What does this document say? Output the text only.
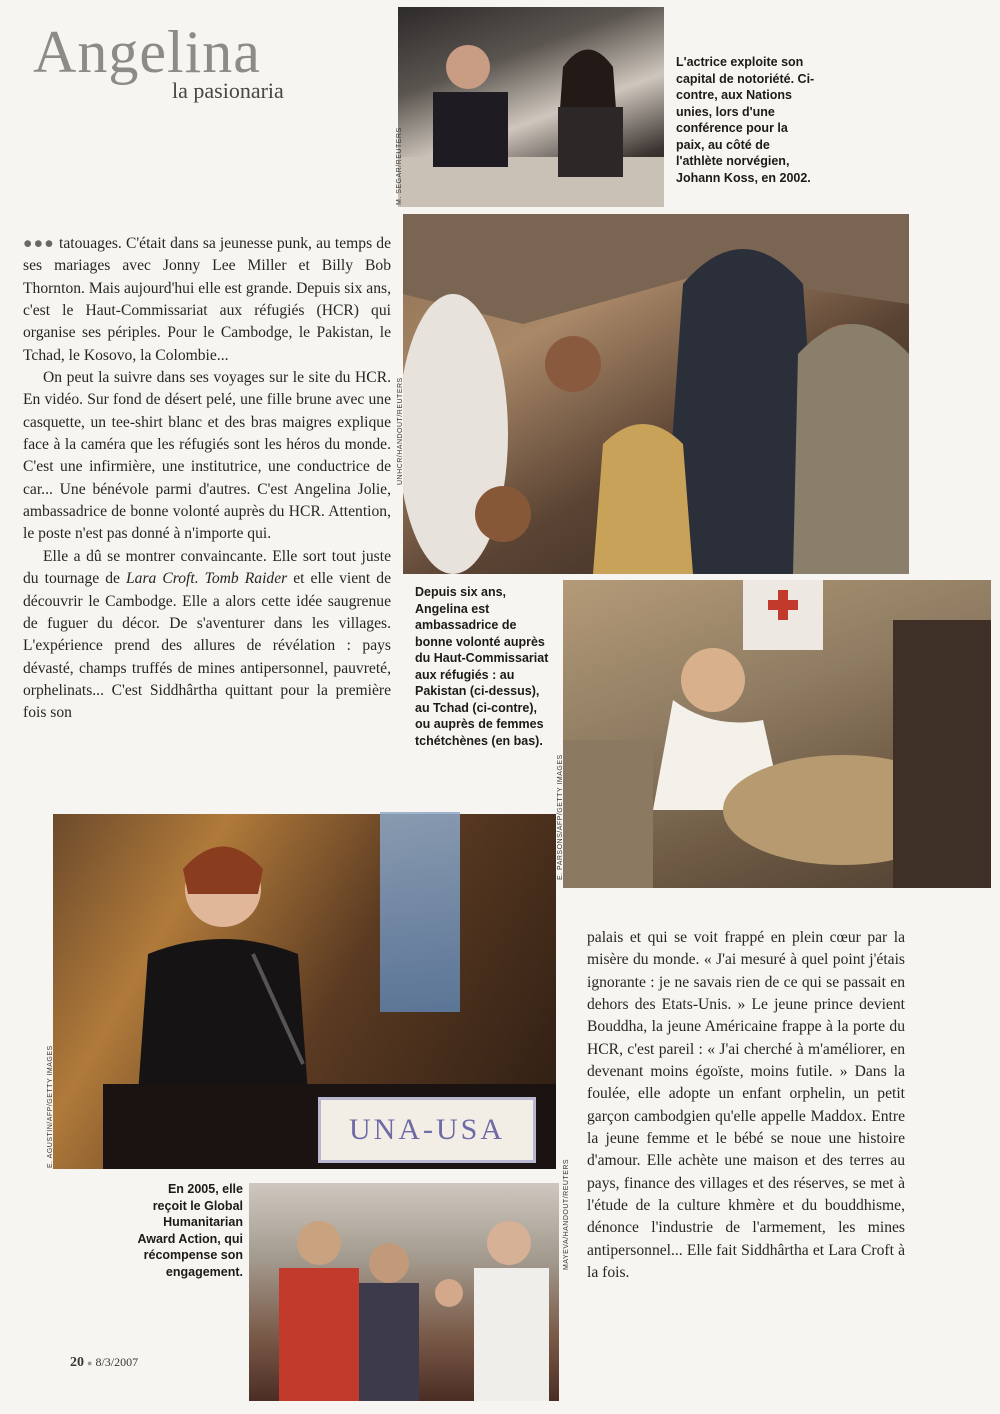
Angelina
la pasionaria
M. SEGAR/REUTERS
L'actrice exploite son capital de notoriété. Ci-contre, aux Nations unies, lors d'une conférence pour la paix, au côté de l'athlète norvégien, Johann Koss, en 2002.
UNHCR/HANDOUT/REUTERS
E. PARSONS/AFP/GETTY IMAGES
Depuis six ans, Angelina est ambassadrice de bonne volonté auprès du Haut-Commissariat aux réfugiés : au Pakistan (ci-dessus), au Tchad (ci-contre), ou auprès de femmes tchétchènes (en bas).
UNA-USA
E. AGUSTIN/AFP/GETTY IMAGES
MAYEVA/HANDOUT/REUTERS
En 2005, elle reçoit le Global Humanitarian Award Action, qui récompense son engagement.

●●● tatouages. C'était dans sa jeunesse punk, au temps de ses mariages avec Jonny Lee Miller et Billy Bob Thornton. Mais aujourd'hui elle est grande. Depuis six ans, c'est le Haut-Commissariat aux réfugiés (HCR) qui organise ses périples. Pour le Cambodge, le Pakistan, le Tchad, le Kosovo, la Colombie...

On peut la suivre dans ses voyages sur le site du HCR. En vidéo. Sur fond de désert pelé, une fille brune avec une casquette, un tee-shirt blanc et des bras maigres explique face à la caméra que les réfugiés sont les héros du monde. C'est une infirmière, une institutrice, une conductrice de car... Une bénévole parmi d'autres. C'est Angelina Jolie, ambassadrice de bonne volonté auprès du HCR. Attention, le poste n'est pas donné à n'importe qui.

Elle a dû se montrer convaincante. Elle sort tout juste du tournage de Lara Croft. Tomb Raider et elle vient de découvrir le Cambodge. Elle a alors cette idée saugrenue de fuguer du décor. De s'aventurer dans les villages. L'expérience prend des allures de révélation : pays dévasté, champs truffés de mines antipersonnel, pauvreté, orphelinats... C'est Siddhârtha quittant pour la première fois son

palais et qui se voit frappé en plein cœur par la misère du monde. « J'ai mesuré à quel point j'étais ignorante : je ne savais rien de ce qui se passait en dehors des Etats-Unis. » Le jeune prince devient Bouddha, la jeune Américaine frappe à la porte du HCR, c'est pareil : « J'ai cherché à m'améliorer, en devenant moins égoïste, moins futile. » Dans la foulée, elle adopte un enfant orphelin, un petit garçon cambodgien qu'elle appelle Maddox. Entre la jeune femme et le bébé se noue une histoire d'amour. Elle achète une maison et des terres au pays, finance des villages et des réserves, se met à l'étude de la culture khmère et du bouddhisme, dénonce l'industrie de l'armement, les mines antipersonnel... Elle fait Siddhârtha et Lara Croft à la fois.

20 ● 8/3/2007
